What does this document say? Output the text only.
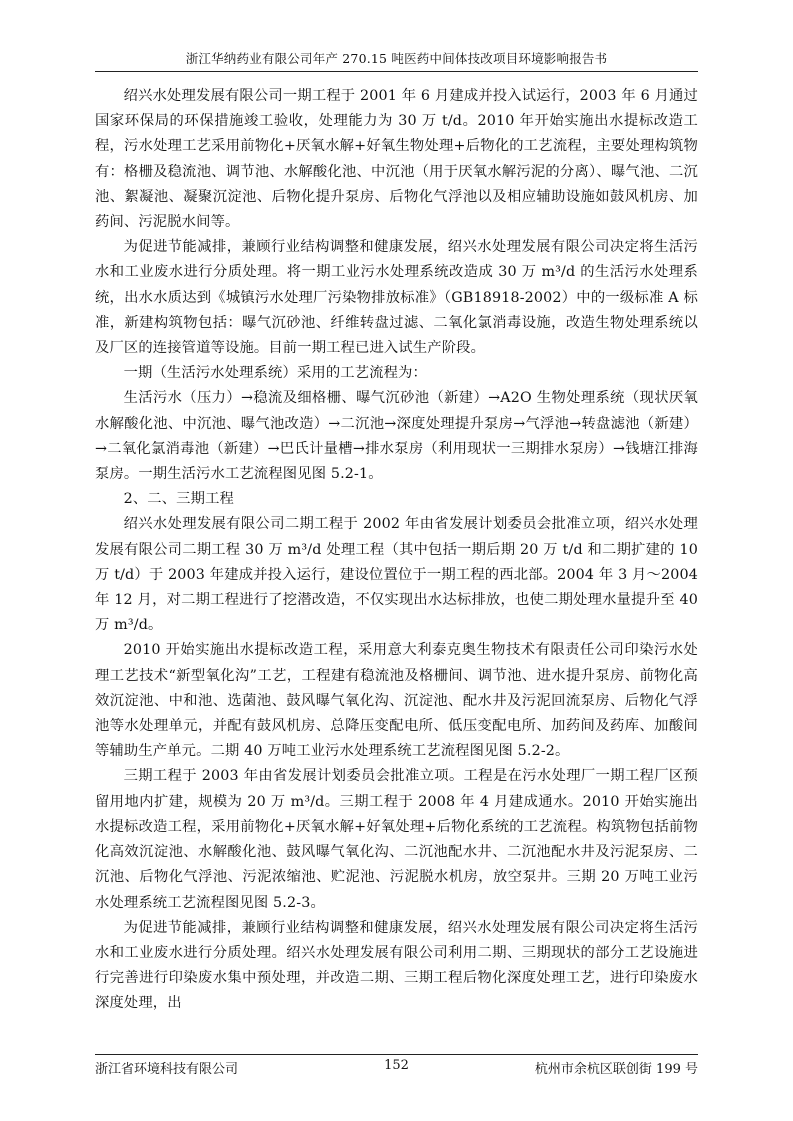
浙江华纳药业有限公司年产 270.15 吨医药中间体技改项目环境影响报告书

绍兴水处理发展有限公司一期工程于 2001 年 6 月建成并投入试运行，2003 年 6 月通过国家环保局的环保措施竣工验收，处理能力为 30 万 t/d。2010 年开始实施出水提标改造工程，污水处理工艺采用前物化+厌氧水解+好氧生物处理+后物化的工艺流程，主要处理构筑物有：格栅及稳流池、调节池、水解酸化池、中沉池（用于厌氧水解污泥的分离）、曝气池、二沉池、絮凝池、凝聚沉淀池、后物化提升泵房、后物化气浮池以及相应辅助设施如鼓风机房、加药间、污泥脱水间等。

为促进节能减排，兼顾行业结构调整和健康发展，绍兴水处理发展有限公司决定将生活污水和工业废水进行分质处理。将一期工业污水处理系统改造成 30 万 m³/d 的生活污水处理系统，出水水质达到《城镇污水处理厂污染物排放标准》（GB18918-2002）中的一级标准 A 标准，新建构筑物包括：曝气沉砂池、纤维转盘过滤、二氧化氯消毒设施，改造生物处理系统以及厂区的连接管道等设施。目前一期工程已进入试生产阶段。

一期（生活污水处理系统）采用的工艺流程为：

生活污水（压力）→稳流及细格栅、曝气沉砂池（新建）→A2O 生物处理系统（现状厌氧水解酸化池、中沉池、曝气池改造）→二沉池→深度处理提升泵房→气浮池→转盘滤池（新建）→二氧化氯消毒池（新建）→巴氏计量槽→排水泵房（利用现状一三期排水泵房）→钱塘江排海泵房。一期生活污水工艺流程图见图 5.2-1。

2、二、三期工程

绍兴水处理发展有限公司二期工程于 2002 年由省发展计划委员会批准立项，绍兴水处理发展有限公司二期工程 30 万 m³/d 处理工程（其中包括一期后期 20 万 t/d 和二期扩建的 10 万 t/d）于 2003 年建成并投入运行，建设位置位于一期工程的西北部。2004 年 3 月～2004 年 12 月，对二期工程进行了挖潜改造，不仅实现出水达标排放，也使二期处理水量提升至 40 万 m³/d。

2010 开始实施出水提标改造工程，采用意大利泰克奥生物技术有限责任公司印染污水处理工艺技术“新型氧化沟”工艺，工程建有稳流池及格栅间、调节池、进水提升泵房、前物化高效沉淀池、中和池、选菌池、鼓风曝气氧化沟、沉淀池、配水井及污泥回流泵房、后物化气浮池等水处理单元，并配有鼓风机房、总降压变配电所、低压变配电所、加药间及药库、加酸间等辅助生产单元。二期 40 万吨工业污水处理系统工艺流程图见图 5.2-2。

三期工程于 2003 年由省发展计划委员会批准立项。工程是在污水处理厂一期工程厂区预留用地内扩建，规模为 20 万 m³/d。三期工程于 2008 年 4 月建成通水。2010 开始实施出水提标改造工程，采用前物化+厌氧水解+好氧处理+后物化系统的工艺流程。构筑物包括前物化高效沉淀池、水解酸化池、鼓风曝气氧化沟、二沉池配水井、二沉池配水井及污泥泵房、二沉池、后物化气浮池、污泥浓缩池、贮泥池、污泥脱水机房，放空泵井。三期 20 万吨工业污水处理系统工艺流程图见图 5.2-3。

为促进节能减排，兼顾行业结构调整和健康发展，绍兴水处理发展有限公司决定将生活污水和工业废水进行分质处理。绍兴水处理发展有限公司利用二期、三期现状的部分工艺设施进行完善进行印染废水集中预处理，并改造二期、三期工程后物化深度处理工艺，进行印染废水深度处理，出

浙江省环境科技有限公司	152	杭州市余杭区联创街 199 号
